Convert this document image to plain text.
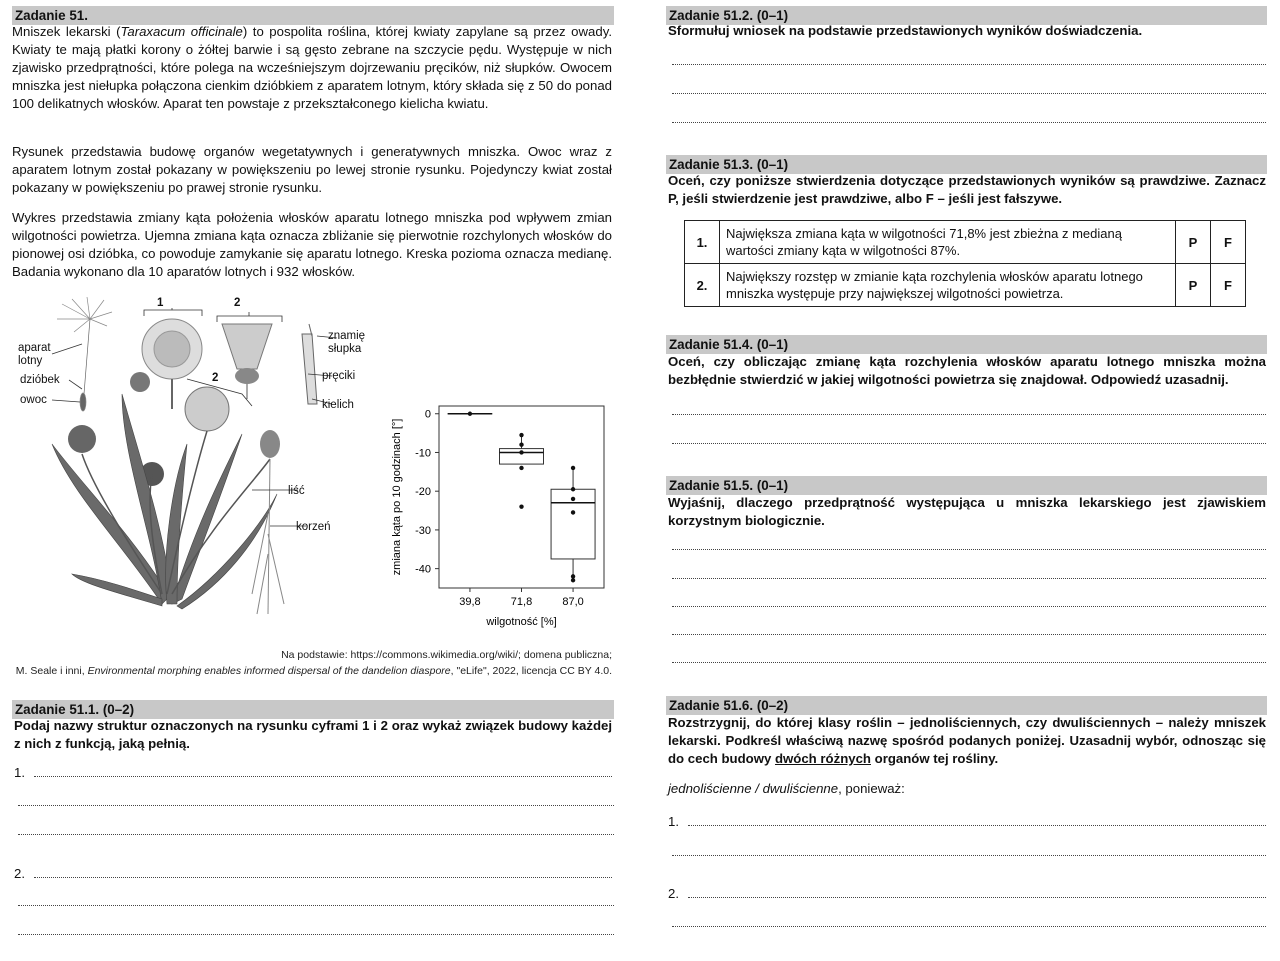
Zadanie 51.

Mniszek lekarski (Taraxacum officinale) to pospolita roślina, której kwiaty zapylane są przez owady. Kwiaty te mają płatki korony o żółtej barwie i są gęsto zebrane na szczycie pędu. Występuje w nich zjawisko przedprątności, które polega na wcześniejszym dojrzewaniu pręcików, niż słupków. Owocem mniszka jest niełupka połączona cienkim dzióbkiem z aparatem lotnym, który składa się z 50 do ponad 100 delikatnych włosków. Aparat ten powstaje z przekształconego kielicha kwiatu.

Rysunek przedstawia budowę organów wegetatywnych i generatywnych mniszka. Owoc wraz z aparatem lotnym został pokazany w powiększeniu po lewej stronie rysunku. Pojedynczy kwiat został pokazany w powiększeniu po prawej stronie rysunku.

Wykres przedstawia zmiany kąta położenia włosków aparatu lotnego mniszka pod wpływem zmian wilgotności powietrza. Ujemna zmiana kąta oznacza zbliżanie się pierwotnie rozchylonych włosków do pionowej osi dzióbka, co powoduje zamykanie się aparatu lotnego. Kreska pozioma oznacza medianę. Badania wykonano dla 10 aparatów lotnych i 932 włosków.

aparat
lotny
dzióbek
owoc
1	2
2
znamię
słupka
pręciki
kielich
liść
korzeń
0
-10
-20
-30
-40
39,8	71,8	87,0
wilgotność [%]
zmiana kąta po 10 godzinach [°]
Na podstawie: https://commons.wikimedia.org/wiki/; domena publiczna;
M. Seale i inni, Environmental morphing enables informed dispersal of the dandelion diaspore, "eLife", 2022, licencja CC BY 4.0.
Zadanie 51.1. (0–2)

Podaj nazwy struktur oznaczonych na rysunku cyframi 1 i 2 oraz wykaż związek budowy każdej z nich z funkcją, jaką pełnią.

1.
2.
Zadanie 51.2. (0–1)

Sformułuj wniosek na podstawie przedstawionych wyników doświadczenia.

Zadanie 51.3. (0–1)

Oceń, czy poniższe stwierdzenia dotyczące przedstawionych wyników są prawdziwe. Zaznacz P, jeśli stwierdzenie jest prawdziwe, albo F – jeśli jest fałszywe.

1.	Największa zmiana kąta w wilgotności 71,8% jest zbieżna z medianą wartości zmiany kąta w wilgotności 87%.	P	F
2.	Największy rozstęp w zmianie kąta rozchylenia włosków aparatu lotnego mniszka występuje przy największej wilgotności powietrza.	P	F
Zadanie 51.4. (0–1)

Oceń, czy obliczając zmianę kąta rozchylenia włosków aparatu lotnego mniszka można bezbłędnie stwierdzić w jakiej wilgotności powietrza się znajdował. Odpowiedź uzasadnij.

Zadanie 51.5. (0–1)

Wyjaśnij, dlaczego przedprątność występująca u mniszka lekarskiego jest zjawiskiem korzystnym biologicznie.

Zadanie 51.6. (0–2)

Rozstrzygnij, do której klasy roślin – jednoliściennych, czy dwuliściennych – należy mniszek lekarski. Podkreśl właściwą nazwę spośród podanych poniżej. Uzasadnij wybór, odnosząc się do cech budowy dwóch różnych organów tej rośliny.

jednoliścienne / dwuliścienne, ponieważ:
1.
2.
